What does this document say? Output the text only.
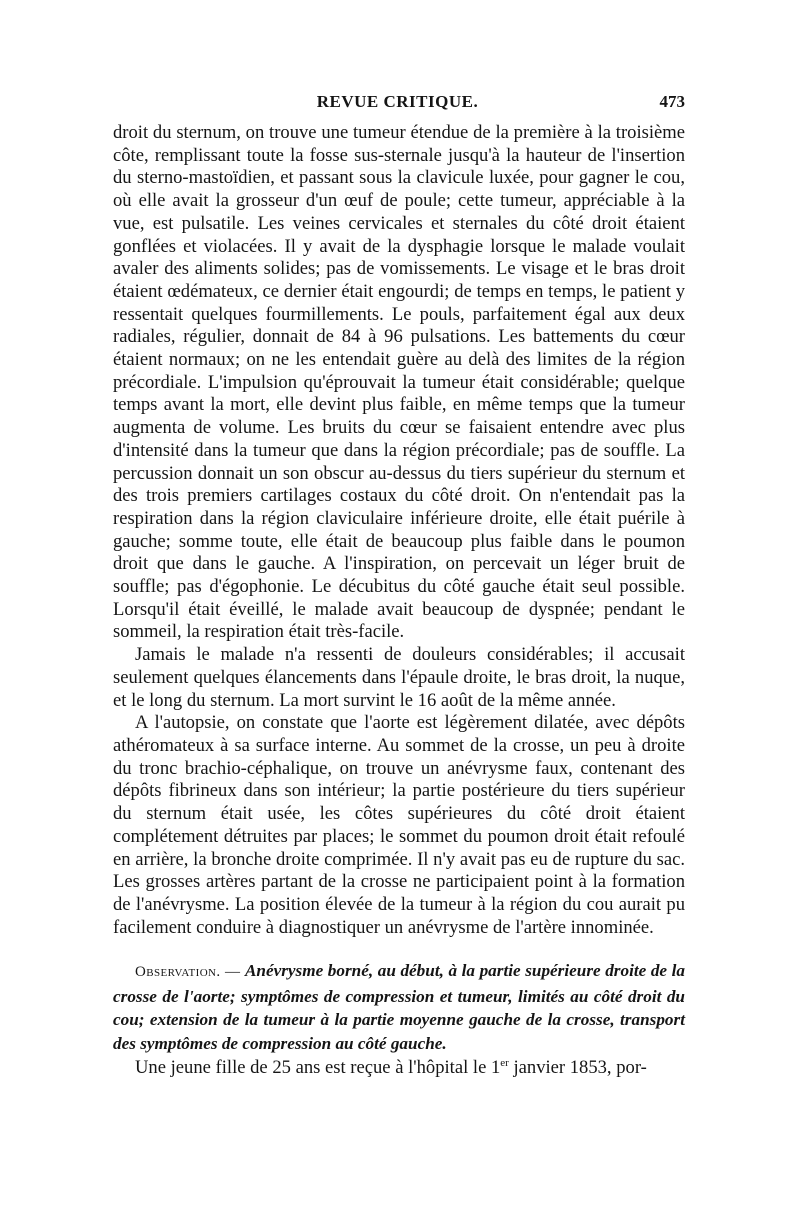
REVUE CRITIQUE.	473

droit du sternum, on trouve une tumeur étendue de la première à la troisième côte, remplissant toute la fosse sus-sternale jusqu'à la hauteur de l'insertion du sterno-mastoïdien, et passant sous la clavicule luxée, pour gagner le cou, où elle avait la grosseur d'un œuf de poule; cette tumeur, appréciable à la vue, est pulsatile. Les veines cervicales et sternales du côté droit étaient gonflées et violacées. Il y avait de la dysphagie lorsque le malade voulait avaler des aliments solides; pas de vomissements. Le visage et le bras droit étaient œdémateux, ce dernier était engourdi; de temps en temps, le patient y ressentait quelques fourmillements. Le pouls, parfaitement égal aux deux radiales, régulier, donnait de 84 à 96 pulsations. Les battements du cœur étaient normaux; on ne les entendait guère au delà des limites de la région précordiale. L'impulsion qu'éprouvait la tumeur était considérable; quelque temps avant la mort, elle devint plus faible, en même temps que la tumeur augmenta de volume. Les bruits du cœur se faisaient entendre avec plus d'intensité dans la tumeur que dans la région précordiale; pas de souffle. La percussion donnait un son obscur au-dessus du tiers supérieur du sternum et des trois premiers cartilages costaux du côté droit. On n'entendait pas la respiration dans la région claviculaire inférieure droite, elle était puérile à gauche; somme toute, elle était de beaucoup plus faible dans le poumon droit que dans le gauche. A l'inspiration, on percevait un léger bruit de souffle; pas d'égophonie. Le décubitus du côté gauche était seul possible. Lorsqu'il était éveillé, le malade avait beaucoup de dyspnée; pendant le sommeil, la respiration était très-facile.

Jamais le malade n'a ressenti de douleurs considérables; il accusait seulement quelques élancements dans l'épaule droite, le bras droit, la nuque, et le long du sternum. La mort survint le 16 août de la même année.

A l'autopsie, on constate que l'aorte est légèrement dilatée, avec dépôts athéromateux à sa surface interne. Au sommet de la crosse, un peu à droite du tronc brachio-céphalique, on trouve un anévrysme faux, contenant des dépôts fibrineux dans son intérieur; la partie postérieure du tiers supérieur du sternum était usée, les côtes supérieures du côté droit étaient complétement détruites par places; le sommet du poumon droit était refoulé en arrière, la bronche droite comprimée. Il n'y avait pas eu de rupture du sac. Les grosses artères partant de la crosse ne participaient point à la formation de l'anévrysme. La position élevée de la tumeur à la région du cou aurait pu facilement conduire à diagnostiquer un anévrysme de l'artère innominée.

Observation. — Anévrysme borné, au début, à la partie supérieure droite de la crosse de l'aorte; symptômes de compression et tumeur, limités au côté droit du cou; extension de la tumeur à la partie moyenne gauche de la crosse, transport des symptômes de compression au côté gauche.

Une jeune fille de 25 ans est reçue à l'hôpital le 1er janvier 1853, por-
